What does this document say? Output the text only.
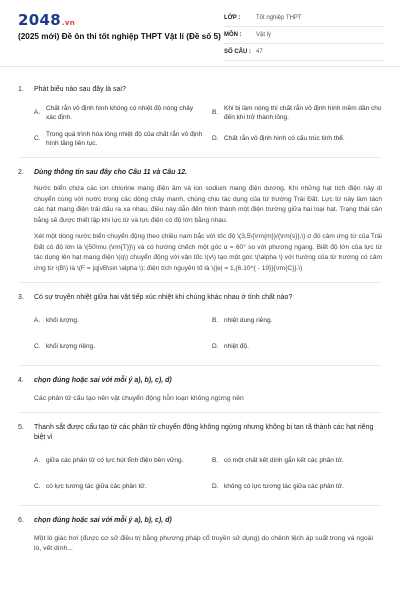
2048.vn
(2025 mới) Đề ôn thi tốt nghiệp THPT Vật lí (Đề số 5)
LỚP :	Tốt nghiệp THPT
MÔN :	Vật lý
SỐ CÂU : 47
1.	Phát biểu nào sau đây là sai?
A.
Chất rắn vô định hình không có nhiệt độ nóng chảy xác định.
B.
Khi bị làm nóng thì chất rắn vô định hình mềm dần cho đến khi trở thành lỏng.
C.
Trong quá trình hóa lỏng nhiệt độ của chất rắn vô định hình tăng liên tục.
D. Chất rắn vô định hình có cấu trúc tinh thể.
2.	Dùng thông tin sau đây cho Câu 11 và Câu 12.
Nước biển chứa các ion chlorine mang điện âm và ion sodium mang điện dương. Khi những hạt tích điện này di chuyển cùng với nước trong các dòng chảy mạnh, chúng chịu tác dụng của từ trường Trái Đất. Lực từ này làm tách các hạt mang điện trái dấu ra xa nhau, điều này dẫn đến hình thành một điện trường giữa hai loại hạt. Trạng thái cân bằng sẽ được thiết lập khi lực từ và lực điện có độ lớn bằng nhau.
Xét một dòng nước biển chuyển động theo chiều nam bắc với tốc độ \(3,5\{\rm{m}}/{\rm{s}},\) σ đó cảm ứng từ của Trái Đất có độ lớn là \(50\mu {\rm{T}}\) và có hướng chếch một góc α = 60° so với phương ngang. Biết độ lớn của lực từ tác dụng lên hạt mang điện \(q\) chuyển động với vận tốc \(v\) tạo một góc \(\alpha \) với hướng của từ trường có cảm ứng từ \(B\) là \(F = |q|vB\sin \alpha \); điện tích nguyên tố là \(|e| = 1,{6.10^{ - 19}}{\rm{C}}.\)
3.	Có sự truyền nhiệt giữa hai vật tiếp xúc nhiệt khi chúng khác nhau ở tính chất nào?
A. khối lượng.	B. nhiệt dung riêng.
C. khối lượng riêng.	D. nhiệt độ.
4.	chọn đúng hoặc sai với mỗi ý a), b), c), d)
Các phân tử cấu tạo nên vật chuyển động hỗn loạn không ngừng nên
5.	Thanh sắt được cấu tạo từ các phân tử chuyển động không ngừng nhưng không bị tan rã thành các hạt riêng biệt vì
A. giữa các phân tử có lực hút tĩnh điện bền vững.	B. có một chất kết dính gắn kết các phân tử.
C. có lực tương tác giữa các phân tử.	D. không có lực tương tác giữa các phân tử.
6.	chọn đúng hoặc sai với mỗi ý a), b), c), d)
Một lò giác hơi (được cơ sở điều trị bằng phương pháp cổ truyền sử dụng) do chênh lệch áp suất trong và ngoài lò, vết dính...
